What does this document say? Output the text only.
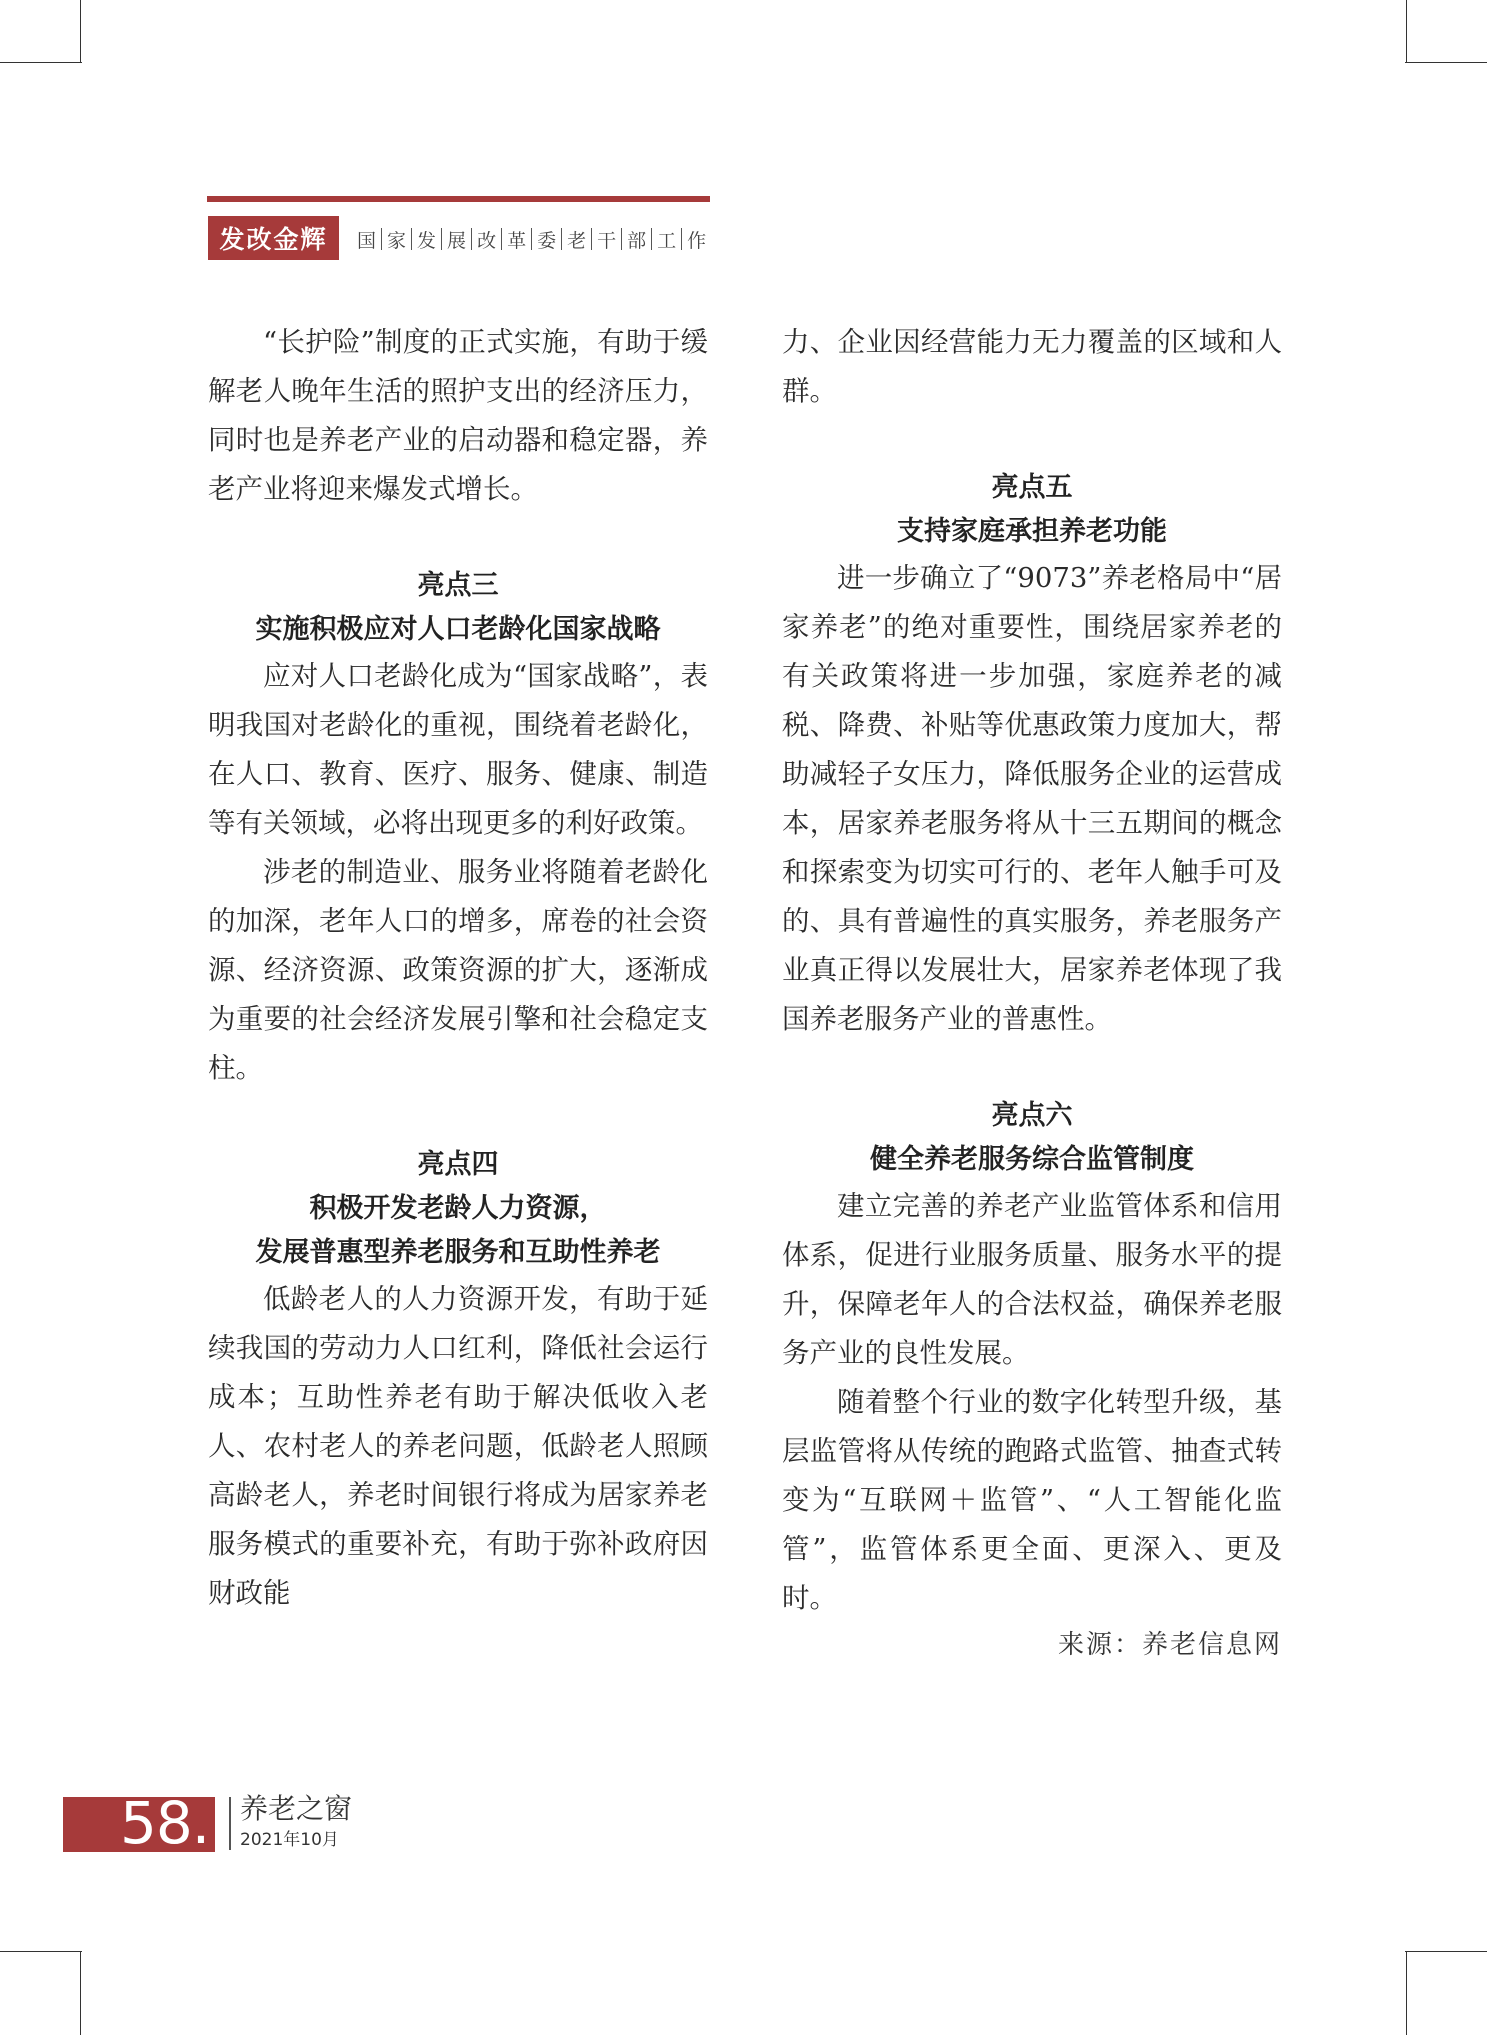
发改金辉	国 家 发 展 改 革 委 老 干 部 工 作

“长护险”制度的正式实施，有助于缓解老人晚年生活的照护支出的经济压力，同时也是养老产业的启动器和稳定器，养老产业将迎来爆发式增长。

亮点三
实施积极应对人口老龄化国家战略

应对人口老龄化成为“国家战略”，表明我国对老龄化的重视，围绕着老龄化，在人口、教育、医疗、服务、健康、制造等有关领域，必将出现更多的利好政策。

涉老的制造业、服务业将随着老龄化的加深，老年人口的增多，席卷的社会资源、经济资源、政策资源的扩大，逐渐成为重要的社会经济发展引擎和社会稳定支柱。

亮点四
积极开发老龄人力资源，
发展普惠型养老服务和互助性养老

低龄老人的人力资源开发，有助于延续我国的劳动力人口红利，降低社会运行成本；互助性养老有助于解决低收入老人、农村老人的养老问题，低龄老人照顾高龄老人，养老时间银行将成为居家养老服务模式的重要补充，有助于弥补政府因财政能

力、企业因经营能力无力覆盖的区域和人群。

亮点五
支持家庭承担养老功能

进一步确立了“9073”养老格局中“居家养老”的绝对重要性，围绕居家养老的有关政策将进一步加强，家庭养老的减税、降费、补贴等优惠政策力度加大，帮助减轻子女压力，降低服务企业的运营成本，居家养老服务将从十三五期间的概念和探索变为切实可行的、老年人触手可及的、具有普遍性的真实服务，养老服务产业真正得以发展壮大，居家养老体现了我国养老服务产业的普惠性。

亮点六
健全养老服务综合监管制度

建立完善的养老产业监管体系和信用体系，促进行业服务质量、服务水平的提升，保障老年人的合法权益，确保养老服务产业的良性发展。

随着整个行业的数字化转型升级，基层监管将从传统的跑路式监管、抽查式转变为“互联网＋监管”、“人工智能化监管”，监管体系更全面、更深入、更及时。

来源：养老信息网

58. 养老之窗
2021年10月
